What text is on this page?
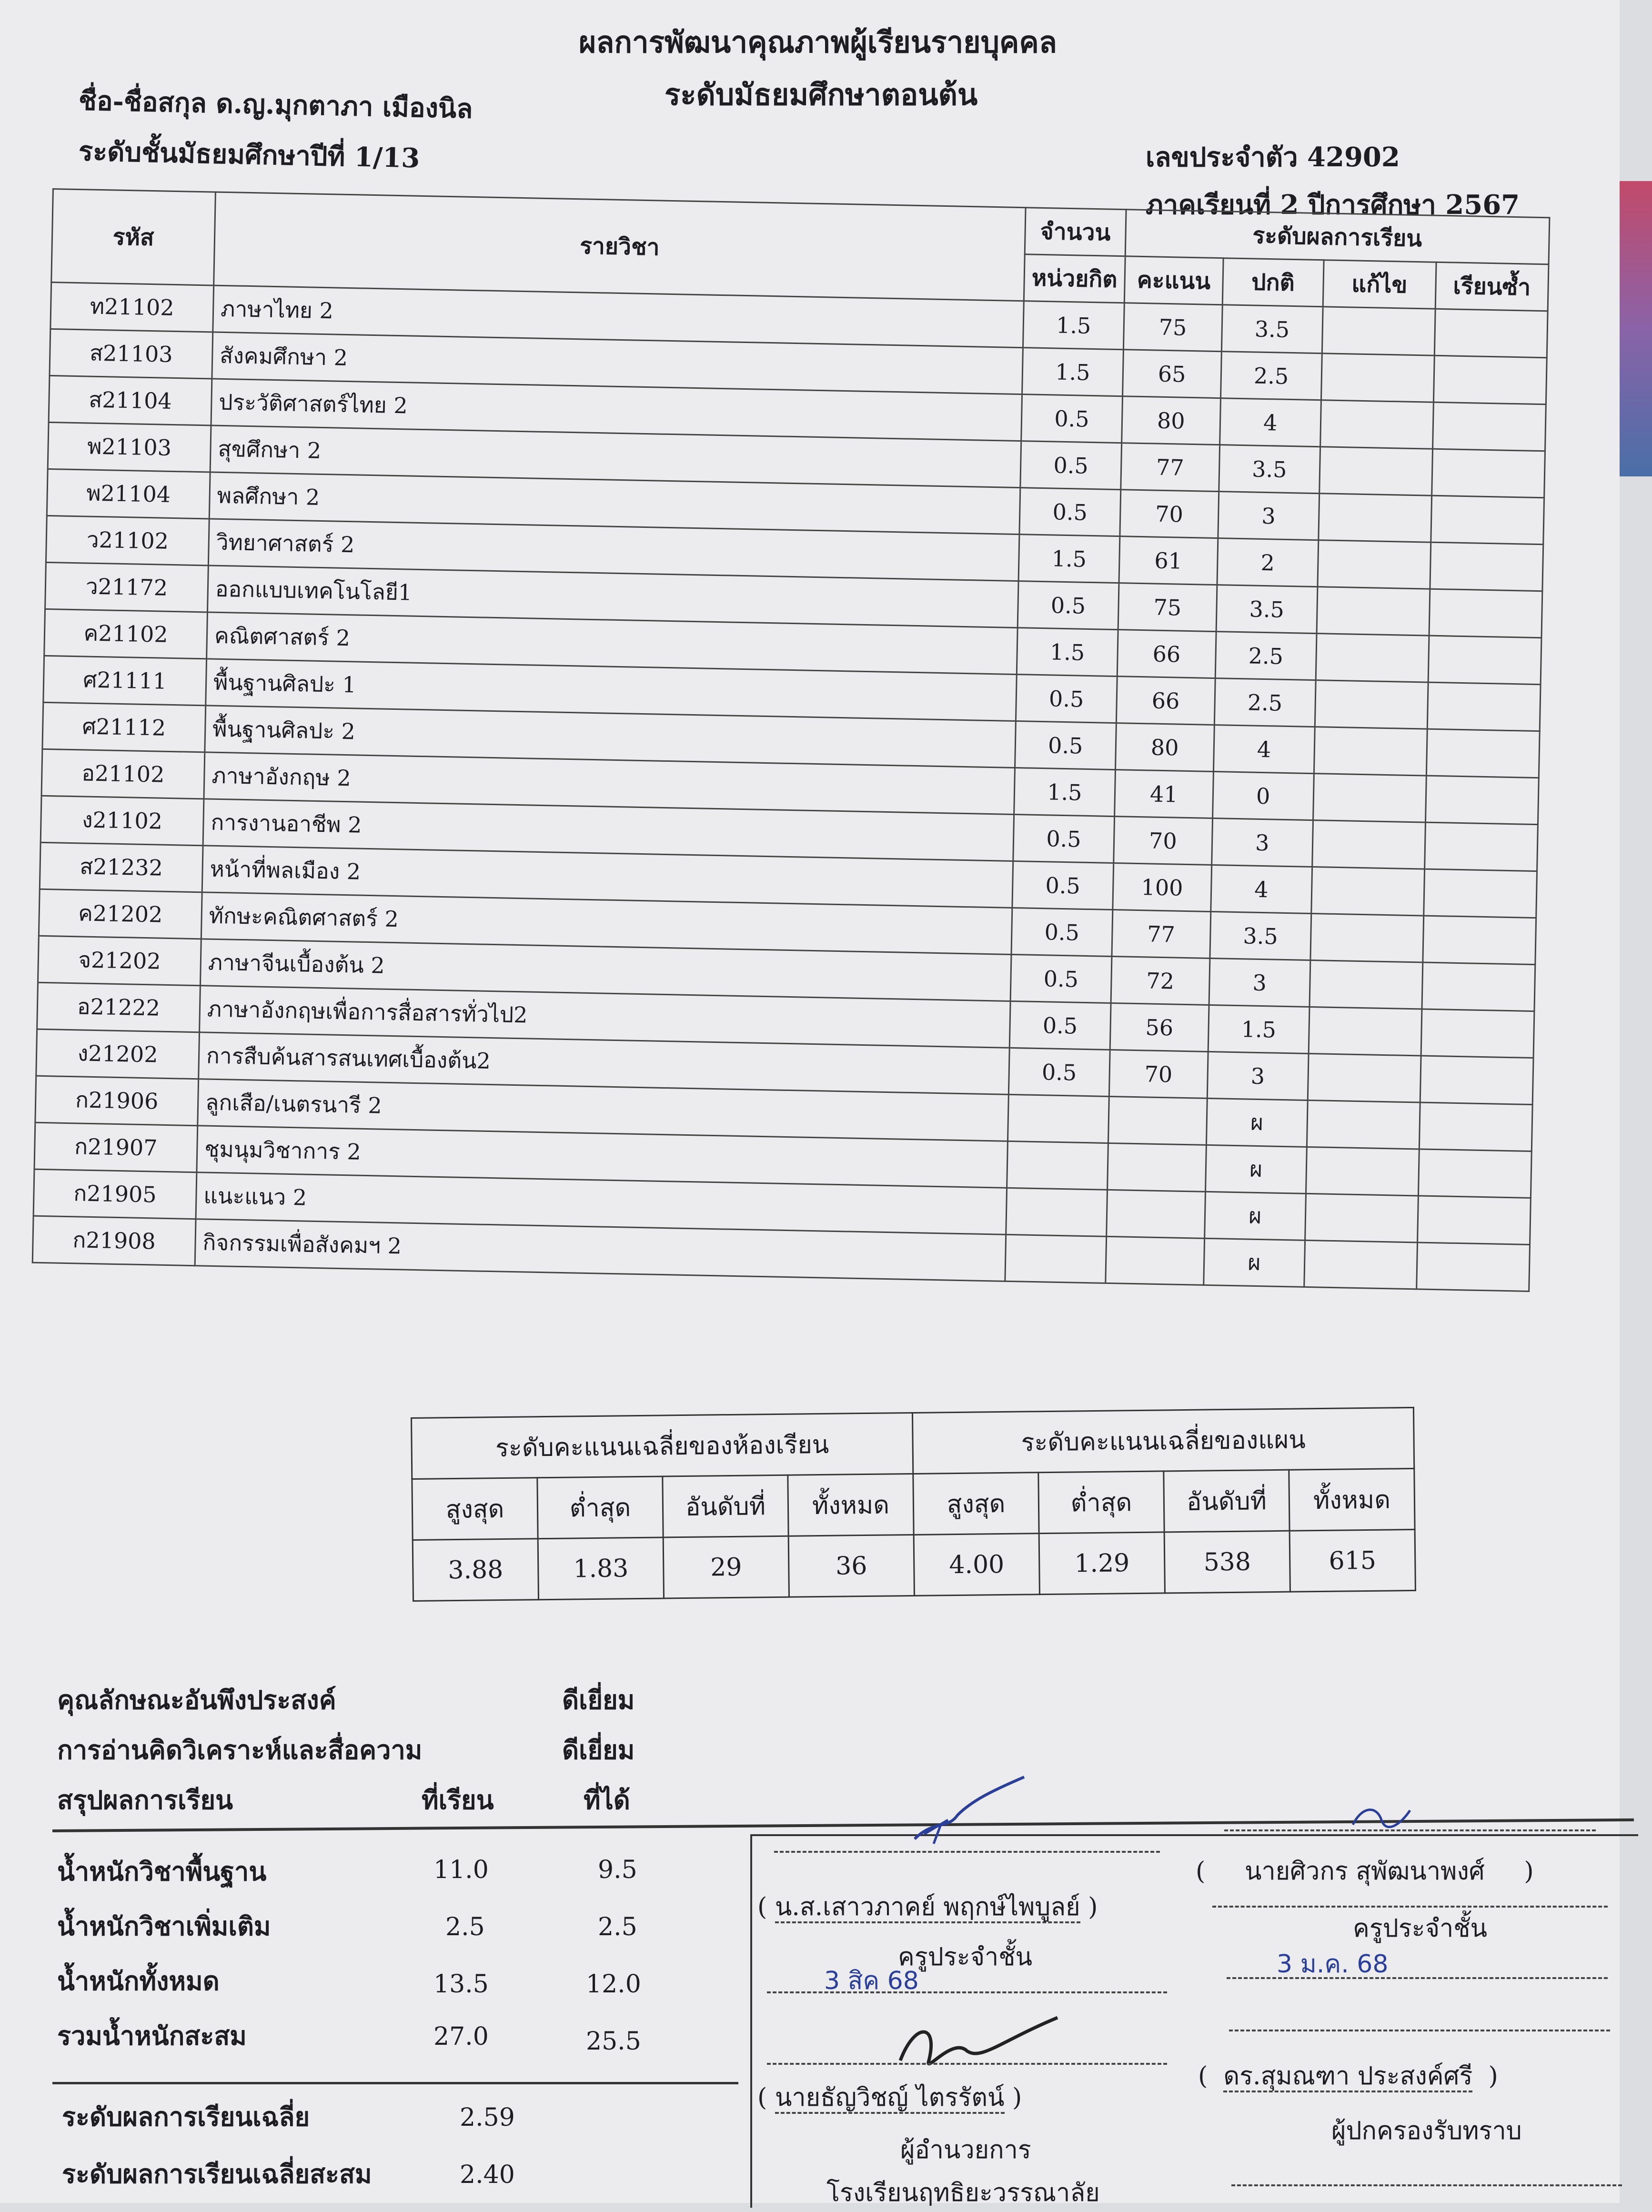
ผลการพัฒนาคุณภาพผู้เรียนรายบุคคล
ระดับมัธยมศึกษาตอนต้น
ชื่อ-ชื่อสกุล ด.ญ.มุกตาภา เมืองนิล
ระดับชั้นมัธยมศึกษาปีที่ 1/13	เลขประจำตัว 42902
ภาคเรียนที่ 2 ปีการศึกษา 2567
รหัส	รายวิชา	จำนวน	ระดับผลการเรียน			
		หน่วยกิต	คะแนน	ปกติ	แก้ไข	เรียนซ้ำ
ท21102	ภาษาไทย 2	1.5	75	3.5		
ส21103	สังคมศึกษา 2	1.5	65	2.5		
ส21104	ประวัติศาสตร์ไทย 2	0.5	80	4		
พ21103	สุขศึกษา 2	0.5	77	3.5		
พ21104	พลศึกษา 2	0.5	70	3		
ว21102	วิทยาศาสตร์ 2	1.5	61	2		
ว21172	ออกแบบเทคโนโลยี1	0.5	75	3.5		
ค21102	คณิตศาสตร์ 2	1.5	66	2.5		
ศ21111	พื้นฐานศิลปะ 1	0.5	66	2.5		
ศ21112	พื้นฐานศิลปะ 2	0.5	80	4		
อ21102	ภาษาอังกฤษ 2	1.5	41	0		
ง21102	การงานอาชีพ 2	0.5	70	3		
ส21232	หน้าที่พลเมือง 2	0.5	100	4		
ค21202	ทักษะคณิตศาสตร์ 2	0.5	77	3.5		
จ21202	ภาษาจีนเบื้องต้น 2	0.5	72	3		
อ21222	ภาษาอังกฤษเพื่อการสื่อสารทั่วไป2	0.5	56	1.5		
ง21202	การสืบค้นสารสนเทศเบื้องต้น2	0.5	70	3		
ก21906	ลูกเสือ/เนตรนารี 2			ผ		
ก21907	ชุมนุมวิชาการ 2			ผ		
ก21905	แนะแนว 2			ผ		
ก21908	กิจกรรมเพื่อสังคมฯ 2			ผ		
ระดับคะแนนเฉลี่ยของห้องเรียน				ระดับคะแนนเฉลี่ยของแผน			
สูงสุด	ต่ำสุด	อันดับที่	ทั้งหมด	สูงสุด	ต่ำสุด	อันดับที่	ทั้งหมด
3.88	1.83	29	36	4.00	1.29	538	615
คุณลักษณะอันพึงประสงค์	ดีเยี่ยม
การอ่านคิดวิเคราะห์และสื่อความ	ดีเยี่ยม
สรุปผลการเรียน	ที่เรียน	ที่ได้
น้ำหนักวิชาพื้นฐาน	11.0	9.5
น้ำหนักวิชาเพิ่มเติม	2.5	2.5
น้ำหนักทั้งหมด	13.5	12.0
รวมน้ำหนักสะสม	27.0	25.5
ระดับผลการเรียนเฉลี่ย	2.59
ระดับผลการเรียนเฉลี่ยสะสม	2.40
( น.ส.เสาวภาคย์ พฤกษ์ไพบูลย์ )
ครูประจำชั้น
3 สิค 68
( นายธัญวิชญ์ ไตรรัตน์ )
ผู้อำนวยการ
โรงเรียนฤทธิยะวรรณาลัย
(     นายศิวกร สุพัฒนาพงศ์     )
ครูประจำชั้น
3 ม.ค. 68
(  ดร.สุมณฑา ประสงค์ศรี  )
ผู้ปกครองรับทราบ
